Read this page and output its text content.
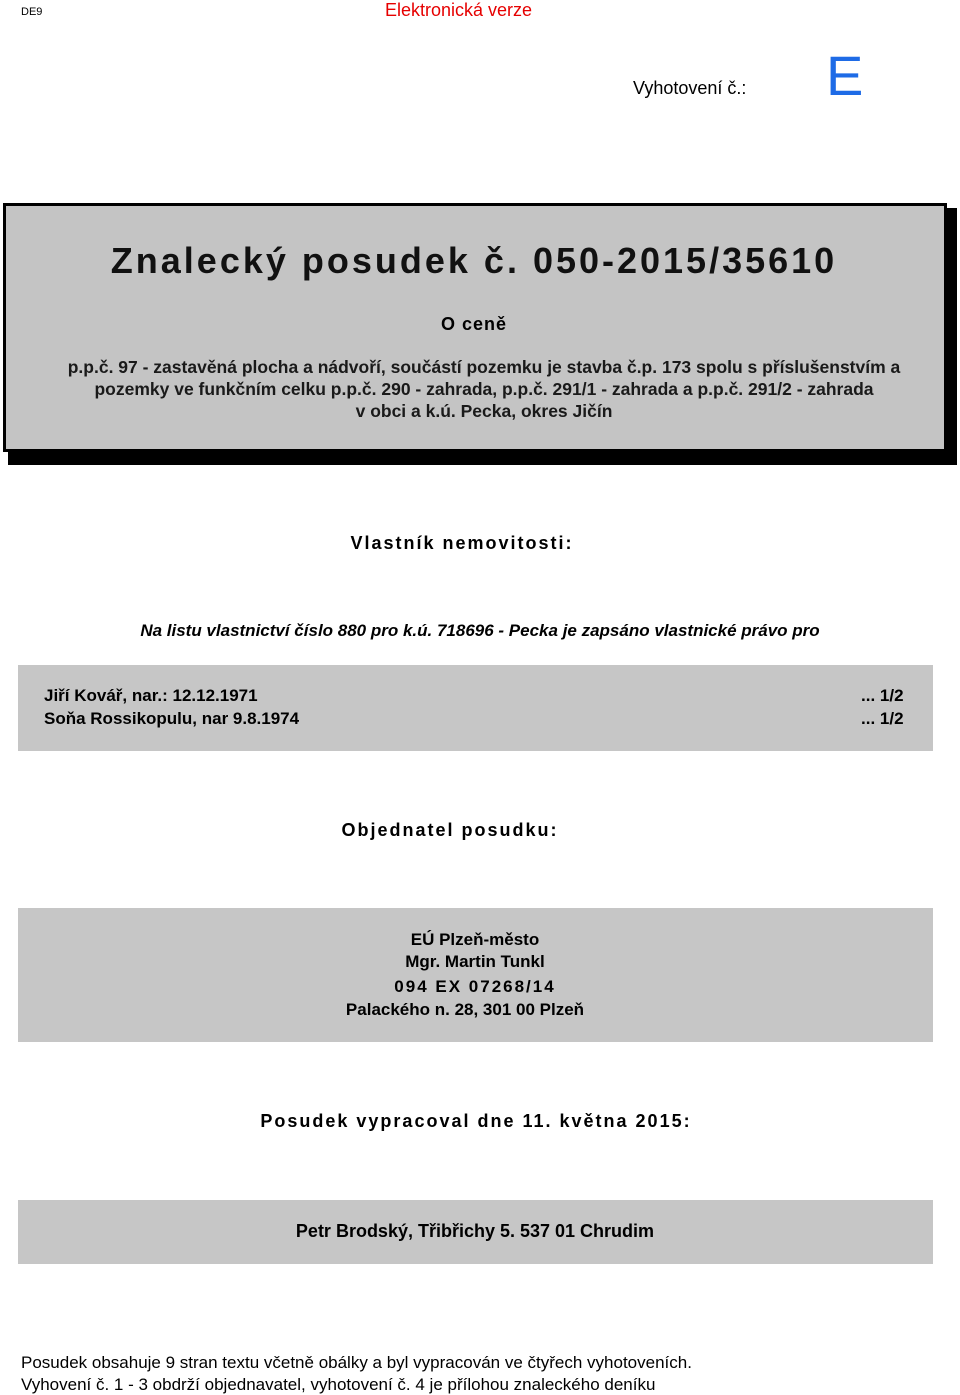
DE9	Elektronická verze
Vyhotovení č.: E
Znalecký posudek č. 050-2015/35610
O ceně
p.p.č. 97 - zastavěná plocha a nádvoří, součástí pozemku je stavba č.p. 173 spolu s příslušenstvím a
pozemky ve funkčním celku p.p.č. 290 - zahrada, p.p.č. 291/1 - zahrada a p.p.č. 291/2 - zahrada
v obci a k.ú. Pecka, okres Jičín
Vlastník nemovitosti:
Na listu vlastnictví číslo 880 pro k.ú. 718696 - Pecka je zapsáno vlastnické právo pro
Jiří Kovář, nar.: 12.12.1971	... 1/2
Soňa Rossikopulu, nar 9.8.1974	... 1/2
Objednatel posudku:
EÚ Plzeň-město
Mgr. Martin Tunkl
094 EX 07268/14
Palackého n. 28, 301 00 Plzeň
Posudek vypracoval dne 11. května 2015:
Petr Brodský, Třibřichy 5. 537 01 Chrudim
Posudek obsahuje 9 stran textu včetně obálky a byl vypracován ve čtyřech vyhotoveních.
Vyhovení č. 1 - 3 obdrží objednavatel, vyhotovení č. 4 je přílohou znaleckého deníku
